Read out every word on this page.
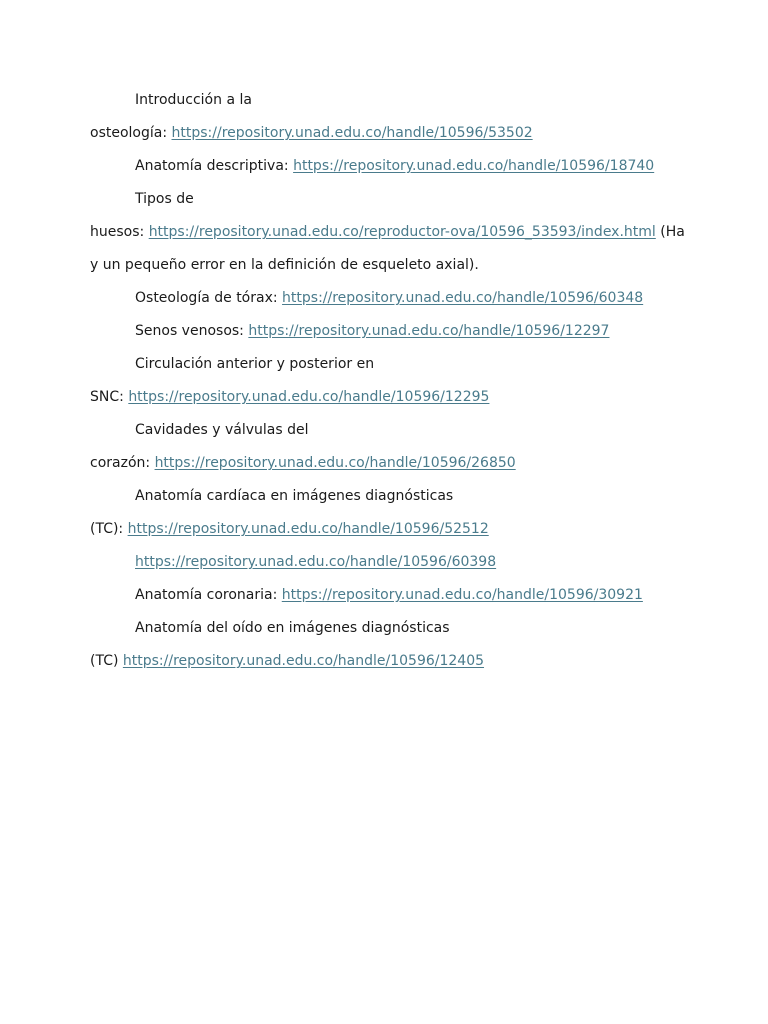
Introducción a la
osteología: https://repository.unad.edu.co/handle/10596/53502
Anatomía descriptiva: https://repository.unad.edu.co/handle/10596/18740
Tipos de
huesos: https://repository.unad.edu.co/reproductor-ova/10596_53593/index.html (Ha
y un pequeño error en la definición de esqueleto axial).
Osteología de tórax: https://repository.unad.edu.co/handle/10596/60348
Senos venosos: https://repository.unad.edu.co/handle/10596/12297
Circulación anterior y posterior en
SNC: https://repository.unad.edu.co/handle/10596/12295
Cavidades y válvulas del
corazón: https://repository.unad.edu.co/handle/10596/26850
Anatomía cardíaca en imágenes diagnósticas
(TC): https://repository.unad.edu.co/handle/10596/52512
https://repository.unad.edu.co/handle/10596/60398
Anatomía coronaria: https://repository.unad.edu.co/handle/10596/30921
Anatomía del oído en imágenes diagnósticas
(TC) https://repository.unad.edu.co/handle/10596/12405
